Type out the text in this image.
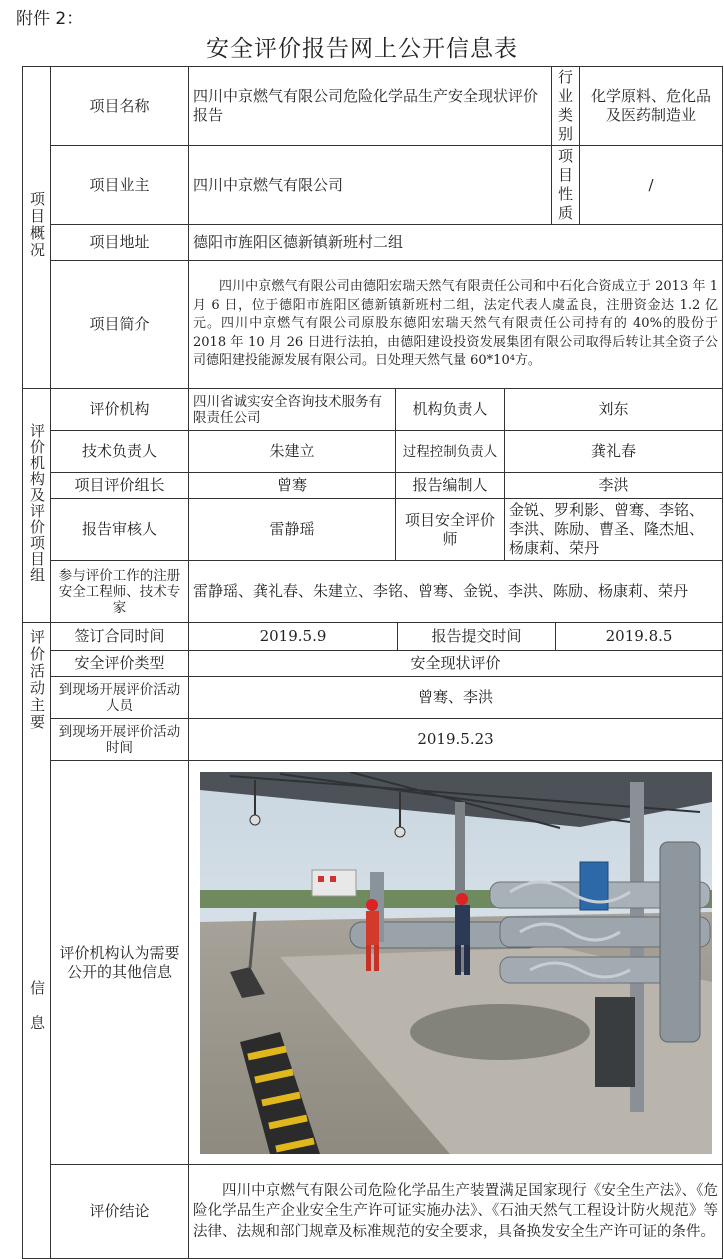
附件 2：
安全评价报告网上公开信息表
项目概况	项目名称	四川中京燃气有限公司危险化学品生产安全现状评价报告				行业类别		化学原料、危化品及医药制造业
	项目业主	四川中京燃气有限公司				项目性质		/
	项目地址	德阳市旌阳区德新镇新班村二组						
	项目简介	四川中京燃气有限公司由德阳宏瑞天然气有限责任公司和中石化合资成立于 2013 年 1 月 6 日，位于德阳市旌阳区德新镇新班村二组，法定代表人虞孟良，注册资金达 1.2 亿元。四川中京燃气有限公司原股东德阳宏瑞天然气有限责任公司持有的 40%的股份于 2018 年 10 月 26 日进行法拍，由德阳建设投资发展集团有限公司取得后转让其全资子公司德阳建投能源发展有限公司。日处理天然气量 60*10⁴方。						
评价机构及评价项目组	评价机构	四川省诚实安全咨询技术服务有限责任公司	机构负责人		刘东			
	技术负责人	朱建立	过程控制负责人		龚礼春			
	项目评价组长	曾骞	报告编制人		李洪			
	报告审核人	雷静瑶	项目安全评价师		金锐、罗利影、曾骞、李铭、李洪、陈励、曹圣、隆杰旭、杨康莉、荣丹			
	参与评价工作的注册安全工程师、技术专家	雷静瑶、龚礼春、朱建立、李铭、曾骞、金锐、李洪、陈励、杨康莉、荣丹						
评价活动主要 信息	签订合同时间	2019.5.9		报告提交时间			2019.8.5	
	安全评价类型	安全现状评价						
	到现场开展评价活动人员	曾骞、李洪						
	到现场开展评价活动时间	2019.5.23						
	评价机构认为需要公开的其他信息	

	评价结论	四川中京燃气有限公司危险化学品生产装置满足国家现行《安全生产法》、《危险化学品生产企业安全生产许可证实施办法》、《石油天然气工程设计防火规范》等法律、法规和部门规章及标准规范的安全要求，具备换发安全生产许可证的条件。						
